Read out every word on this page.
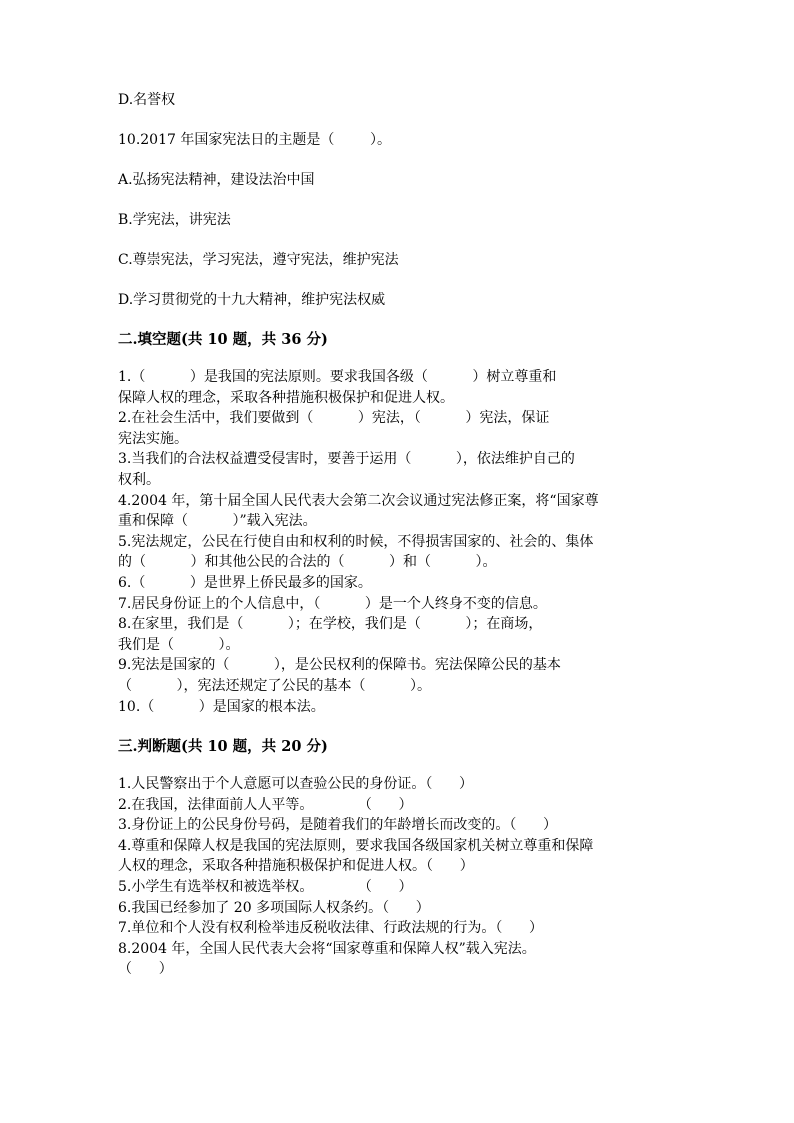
D.名誉权
10.2017 年国家宪法日的主题是（        ）。
A.弘扬宪法精神，建设法治中国
B.学宪法，讲宪法
C.尊崇宪法，学习宪法，遵守宪法，维护宪法
D.学习贯彻党的十九大精神，维护宪法权威
二.填空题(共 10 题，共 36 分)
1.（          ）是我国的宪法原则。要求我国各级（          ）树立尊重和
保障人权的理念，采取各种措施积极保护和促进人权。
2.在社会生活中，我们要做到（          ）宪法，（          ）宪法，保证
宪法实施。
3.当我们的合法权益遭受侵害时，要善于运用（          ），依法维护自己的
权利。
4.2004 年，第十届全国人民代表大会第二次会议通过宪法修正案，将“国家尊
重和保障（          ）”载入宪法。
5.宪法规定，公民在行使自由和权利的时候，不得损害国家的、社会的、集体
的（          ）和其他公民的合法的（          ）和（          ）。
6.（          ）是世界上侨民最多的国家。
7.居民身份证上的个人信息中，（          ）是一个人终身不变的信息。
8.在家里，我们是（          ）；在学校，我们是（          ）；在商场，
我们是（          ）。
9.宪法是国家的（          ），是公民权利的保障书。宪法保障公民的基本
（          ），宪法还规定了公民的基本（          ）。
10.（          ）是国家的根本法。
三.判断题(共 10 题，共 20 分)
1.人民警察出于个人意愿可以查验公民的身份证。（      ）
2.在我国，法律面前人人平等。          （      ）
3.身份证上的公民身份号码，是随着我们的年龄增长而改变的。（      ）
4.尊重和保障人权是我国的宪法原则，要求我国各级国家机关树立尊重和保障
人权的理念，采取各种措施积极保护和促进人权。（      ）
5.小学生有选举权和被选举权。          （      ）
6.我国已经参加了 20 多项国际人权条约。（      ）
7.单位和个人没有权利检举违反税收法律、行政法规的行为。（      ）
8.2004 年，全国人民代表大会将“国家尊重和保障人权”载入宪法。
（      ）
